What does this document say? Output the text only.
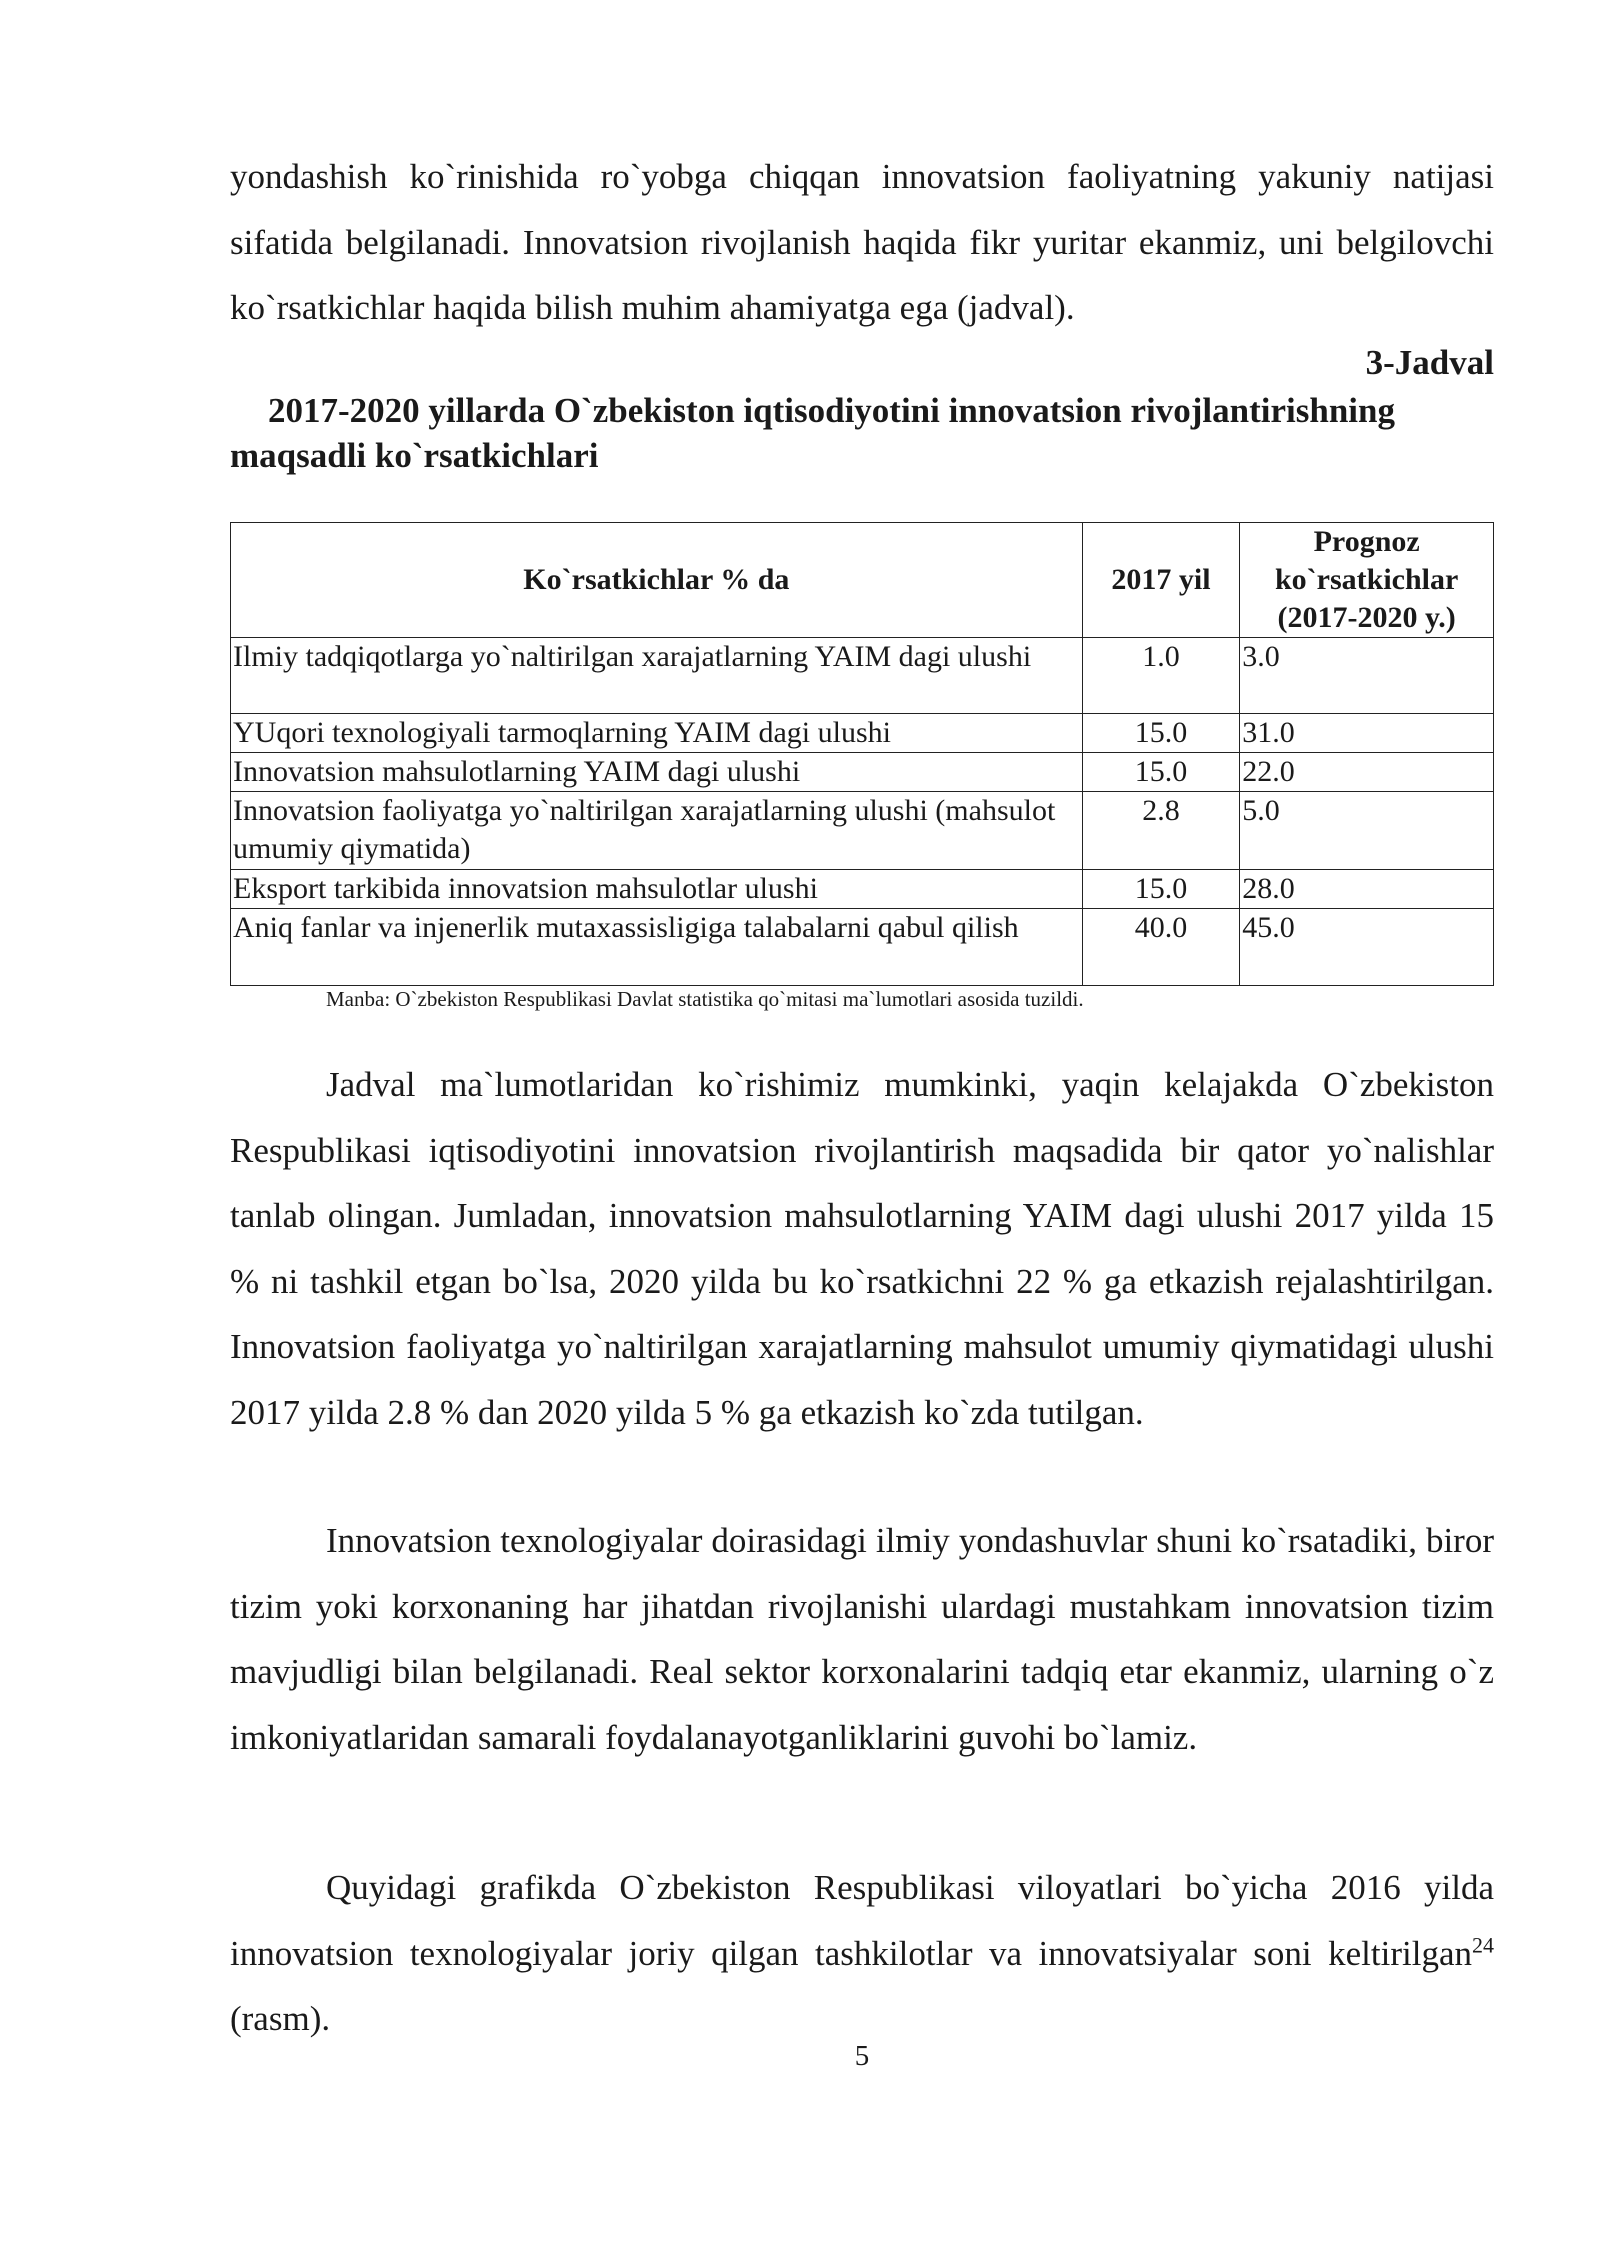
yondashish ko`rinishida ro`yobga chiqqan innovatsion faoliyatning yakuniy natijasi sifatida belgilanadi. Innovatsion rivojlanish haqida fikr yuritar ekanmiz, uni belgilovchi ko`rsatkichlar haqida bilish muhim ahamiyatga ega (jadval).

3-Jadval
2017-2020 yillarda O`zbekiston iqtisodiyotini innovatsion rivojlantirishning maqsadli ko`rsatkichlari
Ko`rsatkichlar % da	2017 yil	Prognoz ko`rsatkichlar (2017-2020 y.)
Ilmiy tadqiqotlarga yo`naltirilgan xarajatlarning YAIM dagi ulushi	1.0	3.0
YUqori texnologiyali tarmoqlarning YAIM dagi ulushi	15.0	31.0
Innovatsion mahsulotlarning YAIM dagi ulushi	15.0	22.0
Innovatsion faoliyatga yo`naltirilgan xarajatlarning ulushi (mahsulot umumiy qiymatida)	2.8	5.0
Eksport tarkibida innovatsion mahsulotlar ulushi	15.0	28.0
Aniq fanlar va injenerlik mutaxassisligiga talabalarni qabul qilish	40.0	45.0
Manba: O`zbekiston Respublikasi Davlat statistika qo`mitasi ma`lumotlari asosida tuzildi.

Jadval ma`lumotlaridan ko`rishimiz mumkinki, yaqin kelajakda O`zbekiston Respublikasi iqtisodiyotini innovatsion rivojlantirish maqsadida bir qator yo`nalishlar tanlab olingan. Jumladan, innovatsion mahsulotlarning YAIM dagi ulushi 2017 yilda 15 % ni tashkil etgan bo`lsa, 2020 yilda bu ko`rsatkichni 22 % ga etkazish rejalashtirilgan. Innovatsion faoliyatga yo`naltirilgan xarajatlarning mahsulot umumiy qiymatidagi ulushi 2017 yilda 2.8 % dan 2020 yilda 5 % ga etkazish ko`zda tutilgan.

Innovatsion texnologiyalar doirasidagi ilmiy yondashuvlar shuni ko`rsatadiki, biror tizim yoki korxonaning har jihatdan rivojlanishi ulardagi mustahkam innovatsion tizim mavjudligi bilan belgilanadi. Real sektor korxonalarini tadqiq etar ekanmiz, ularning o`z imkoniyatlaridan samarali foydalanayotganliklarini guvohi bo`lamiz.

Quyidagi grafikda O`zbekiston Respublikasi viloyatlari bo`yicha 2016 yilda innovatsion texnologiyalar joriy qilgan tashkilotlar va innovatsiyalar soni keltirilgan$^{24}$ (rasm).

5
